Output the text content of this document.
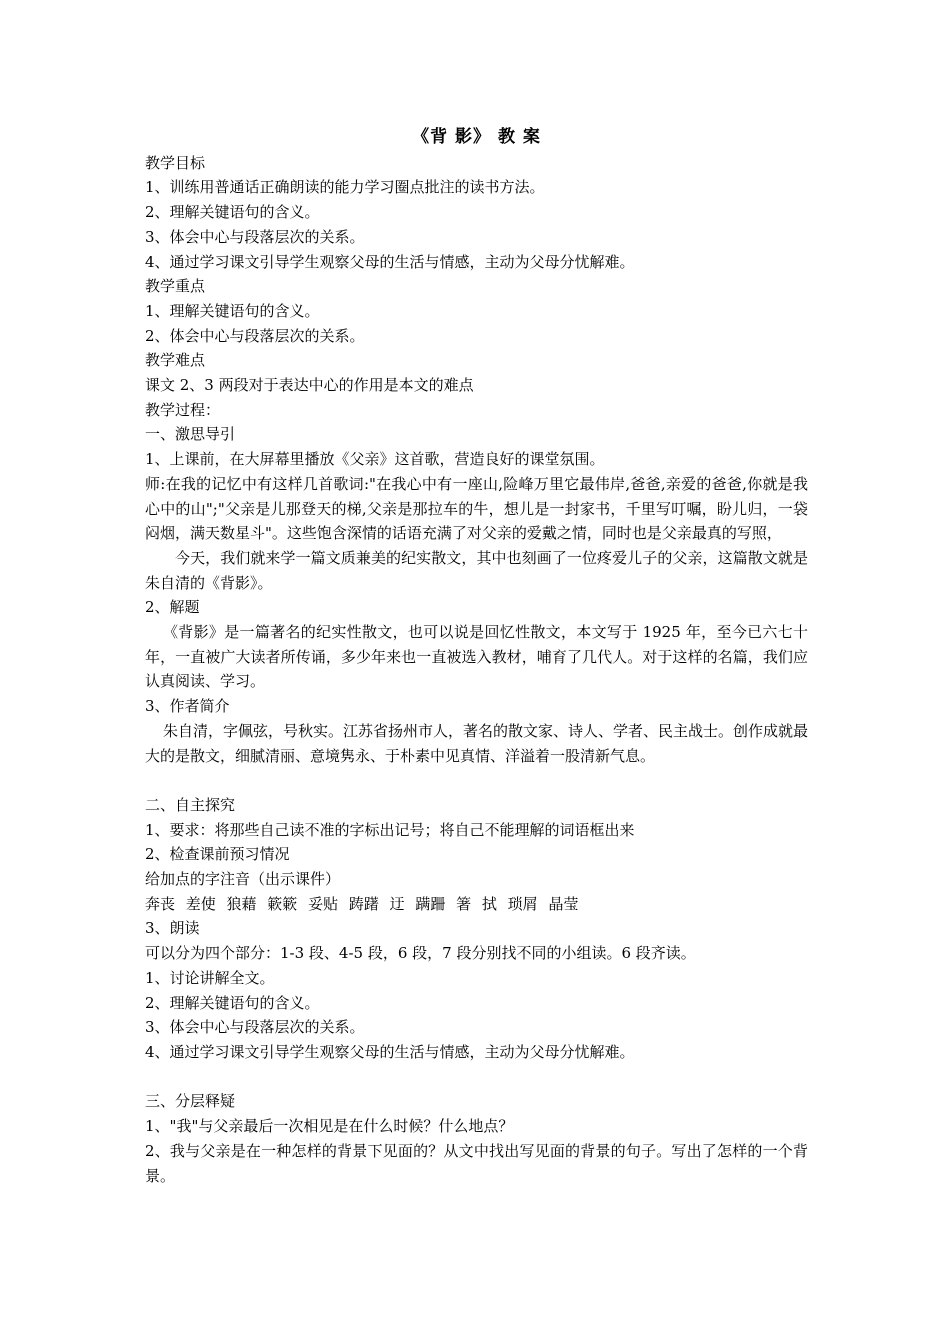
《背 影》 教 案
教学目标
1、训练用普通话正确朗读的能力学习圈点批注的读书方法。
2、理解关键语句的含义。
3、体会中心与段落层次的关系。
4、通过学习课文引导学生观察父母的生活与情感，主动为父母分忧解难。
教学重点
1、理解关键语句的含义。
2、体会中心与段落层次的关系。
教学难点
课文 2、3 两段对于表达中心的作用是本文的难点
教学过程：
一、激思导引
1、上课前，在大屏幕里播放《父亲》这首歌，营造良好的课堂氛围。
师:在我的记忆中有这样几首歌词:"在我心中有一座山,险峰万里它最伟岸,爸爸,亲爱的爸爸,你就是我心中的山";"父亲是儿那登天的梯,父亲是那拉车的牛，想儿是一封家书，千里写叮嘱，盼儿归，一袋闷烟，满天数星斗"。这些饱含深情的话语充满了对父亲的爱戴之情，同时也是父亲最真的写照，
今天，我们就来学一篇文质兼美的纪实散文，其中也刻画了一位疼爱儿子的父亲，这篇散文就是朱自清的《背影》。
2、解题
《背影》是一篇著名的纪实性散文，也可以说是回忆性散文，本文写于 1925 年，至今已六七十年，一直被广大读者所传诵，多少年来也一直被选入教材，哺育了几代人。对于这样的名篇，我们应认真阅读、学习。
3、作者简介
朱自清，字佩弦，号秋实。江苏省扬州市人，著名的散文家、诗人、学者、民主战士。创作成就最大的是散文，细腻清丽、意境隽永、于朴素中见真情、洋溢着一股清新气息。
二、自主探究
1、要求：将那些自己读不准的字标出记号；将自己不能理解的词语框出来
2、检查课前预习情况
给加点的字注音（出示课件）
奔丧 差使 狼藉 簌簌 妥贴 踌躇 迂 蹒跚 箸 拭 琐屑 晶莹
3、朗读
可以分为四个部分：1-3 段、4-5 段，6 段，7 段分别找不同的小组读。6 段齐读。
1、讨论讲解全文。
2、理解关键语句的含义。
3、体会中心与段落层次的关系。
4、通过学习课文引导学生观察父母的生活与情感，主动为父母分忧解难。
三、分层释疑
1、"我"与父亲最后一次相见是在什么时候？什么地点？
2、我与父亲是在一种怎样的背景下见面的？从文中找出写见面的背景的句子。写出了怎样的一个背景。
